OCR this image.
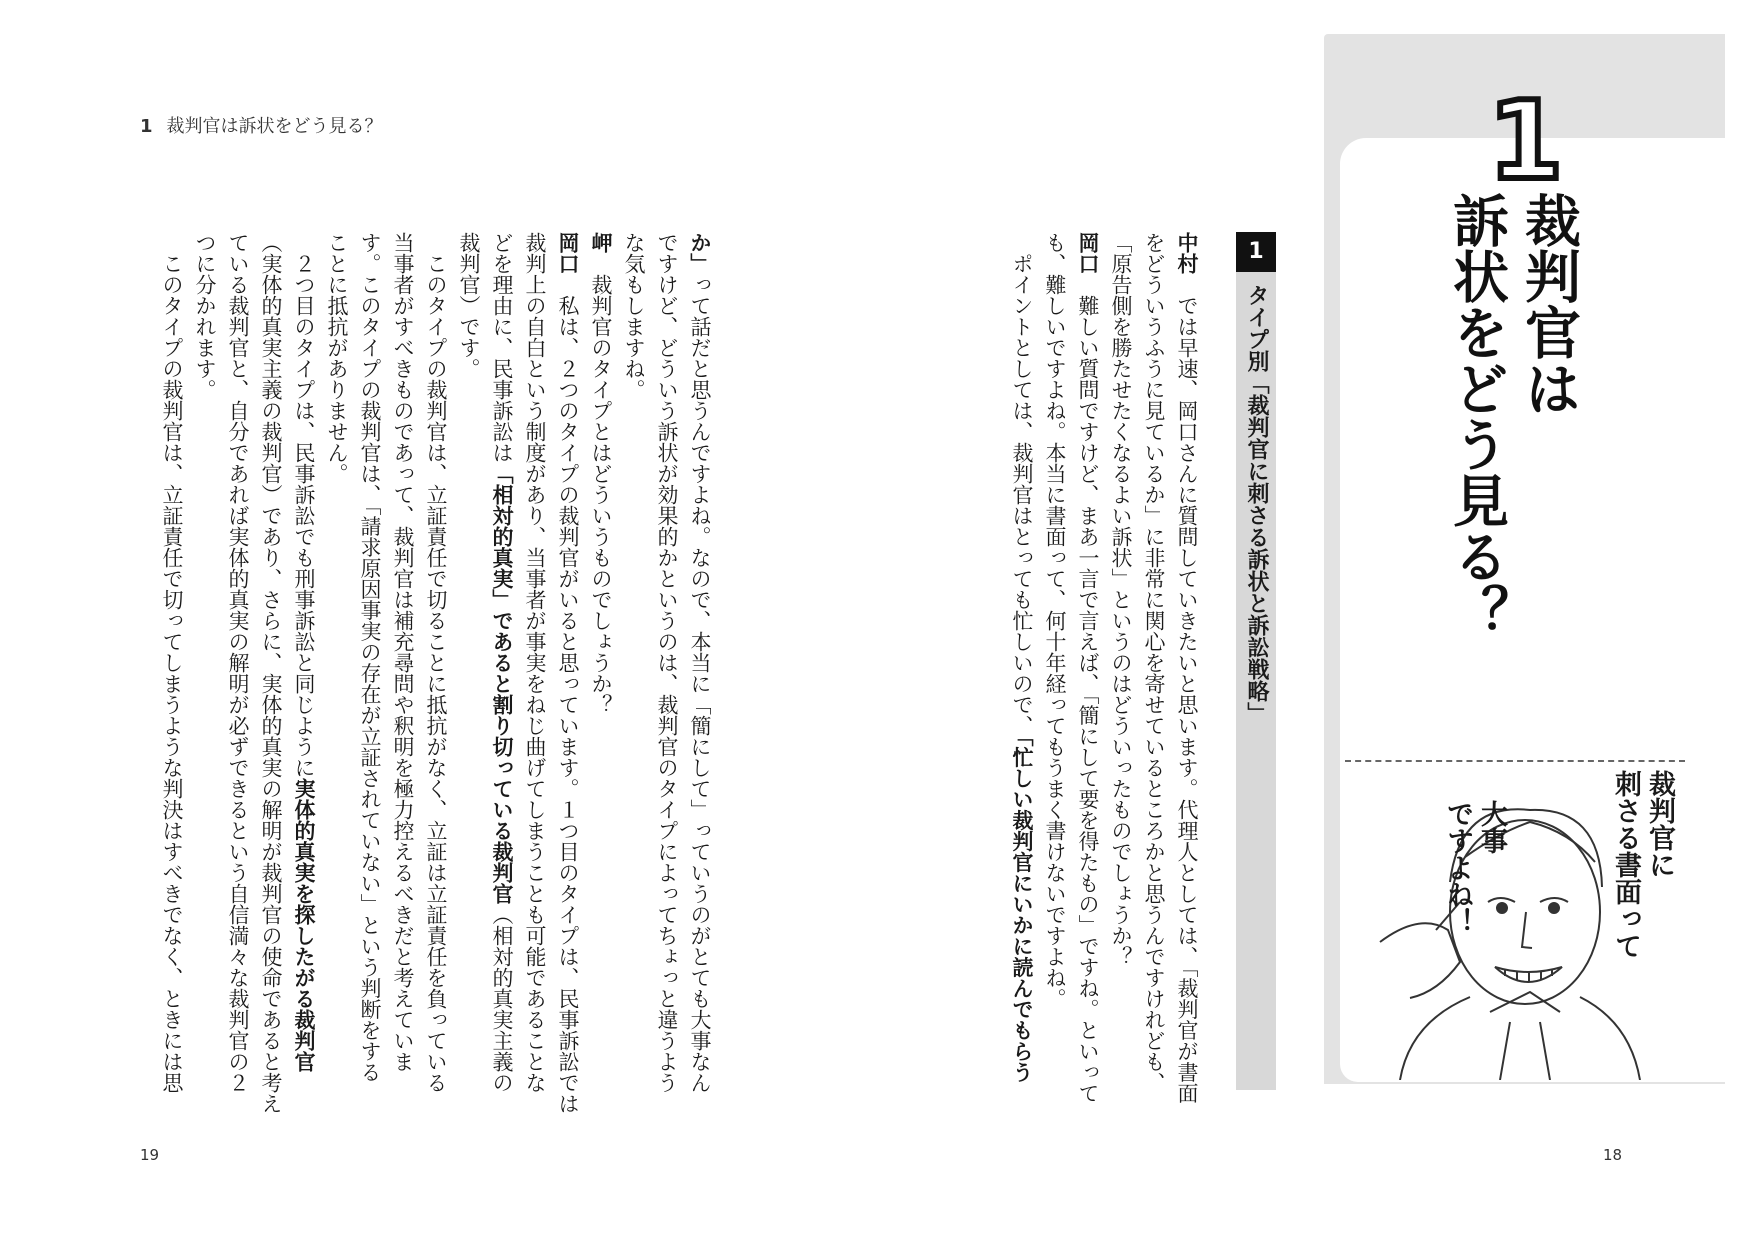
1 裁判官は訴状をどう見る？	1
裁判官は
訴状をどう見る？
裁判官に
刺さる書面って
大事
ですよね！
1
タイプ別「裁判官に刺さる訴状と訴訟戦略」
中村　では早速、岡口さんに質問していきたいと思います。代理人としては、「裁判官が書面
をどういうふうに見ているか」に非常に関心を寄せているところかと思うんですけれども、
「原告側を勝たせたくなるよい訴状」というのはどういったものでしょうか？
岡口　難しい質問ですけど、まあ一言で言えば、「簡にして要を得たもの」ですね。といって
も、難しいですよね。本当に書面って、何十年経ってもうまく書けないですよね。
　ポイントとしては、裁判官はとっても忙しいので、「忙しい裁判官にいかに読んでもらう
か」って話だと思うんですよね。なので、本当に「簡にして」っていうのがとても大事なん
ですけど、どういう訴状が効果的かというのは、裁判官のタイプによってちょっと違うよう
な気もしますね。
岬　裁判官のタイプとはどういうものでしょうか？
岡口　私は、２つのタイプの裁判官がいると思っています。１つ目のタイプは、民事訴訟では
裁判上の自白という制度があり、当事者が事実をねじ曲げてしまうことも可能であることな
どを理由に、民事訴訟は「相対的真実」であると割り切っている裁判官（相対的真実主義の
裁判官）です。
　このタイプの裁判官は、立証責任で切ることに抵抗がなく、立証は立証責任を負っている
当事者がすべきものであって、裁判官は補充尋問や釈明を極力控えるべきだと考えていま
す。このタイプの裁判官は、「請求原因事実の存在が立証されていない」という判断をする
ことに抵抗がありません。
　２つ目のタイプは、民事訴訟でも刑事訴訟と同じように実体的真実を探したがる裁判官
（実体的真実主義の裁判官）であり、さらに、実体的真実の解明が裁判官の使命であると考え
ている裁判官と、自分であれば実体的真実の解明が必ずできるという自信満々な裁判官の２
つに分かれます。
　このタイプの裁判官は、立証責任で切ってしまうような判決はすべきでなく、ときには思
19	18
